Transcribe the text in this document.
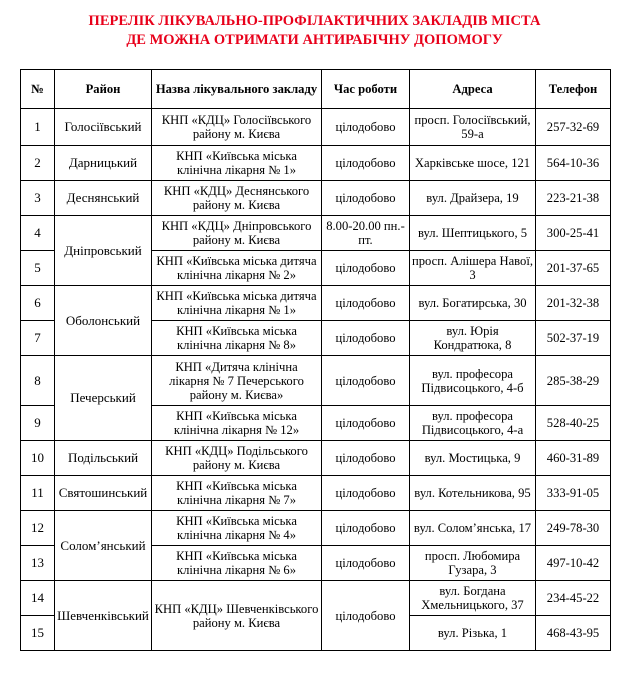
ПЕРЕЛІК ЛІКУВАЛЬНО-ПРОФІЛАКТИЧНИХ ЗАКЛАДІВ МІСТА
ДЕ МОЖНА ОТРИМАТИ АНТИРАБІЧНУ ДОПОМОГУ
№	Район	Назва лікувального закладу	Час роботи	Адреса	Телефон
1	Голосіївський	КНП «КДЦ» Голосіївського району м. Києва	цілодобово	просп. Голосіївський, 59-а	257-32-69
2	Дарницький	КНП «Київська міська клінічна лікарня № 1»	цілодобово	Харківське шосе, 121	564-10-36
3	Деснянський	КНП «КДЦ» Деснянського району м. Києва	цілодобово	вул. Драйзера, 19	223-21-38
4	Дніпровський	КНП «КДЦ» Дніпровського району м. Києва	8.00-20.00 пн.-пт.	вул. Шептицького, 5	300-25-41
5		КНП «Київська міська дитяча клінічна лікарня № 2»	цілодобово	просп. Алішера Навої, 3	201-37-65
6	Оболонський	КНП «Київська міська дитяча клінічна лікарня № 1»	цілодобово	вул. Богатирська, 30	201-32-38
7		КНП «Київська міська клінічна лікарня № 8»	цілодобово	вул. Юрія Кондратюка, 8	502-37-19
8	Печерський	КНП «Дитяча клінічна лікарня № 7 Печерського району м. Києва»	цілодобово	вул. професора Підвисоцького, 4-б	285-38-29
9		КНП «Київська міська клінічна лікарня № 12»	цілодобово	вул. професора Підвисоцького, 4-а	528-40-25
10	Подільський	КНП «КДЦ» Подільського району м. Києва	цілодобово	вул. Мостицька, 9	460-31-89
11	Святошинський	КНП «Київська міська клінічна лікарня № 7»	цілодобово	вул. Котельникова, 95	333-91-05
12	Солом’янський	КНП «Київська міська клінічна лікарня № 4»	цілодобово	вул. Солом’янська, 17	249-78-30
13		КНП «Київська міська клінічна лікарня № 6»	цілодобово	просп. Любомира Гузара, 3	497-10-42
14	Шевченківський	КНП «КДЦ» Шевченківського району м. Києва	цілодобово	вул. Богдана Хмельницького, 37	234-45-22
15				вул. Різька, 1	468-43-95
